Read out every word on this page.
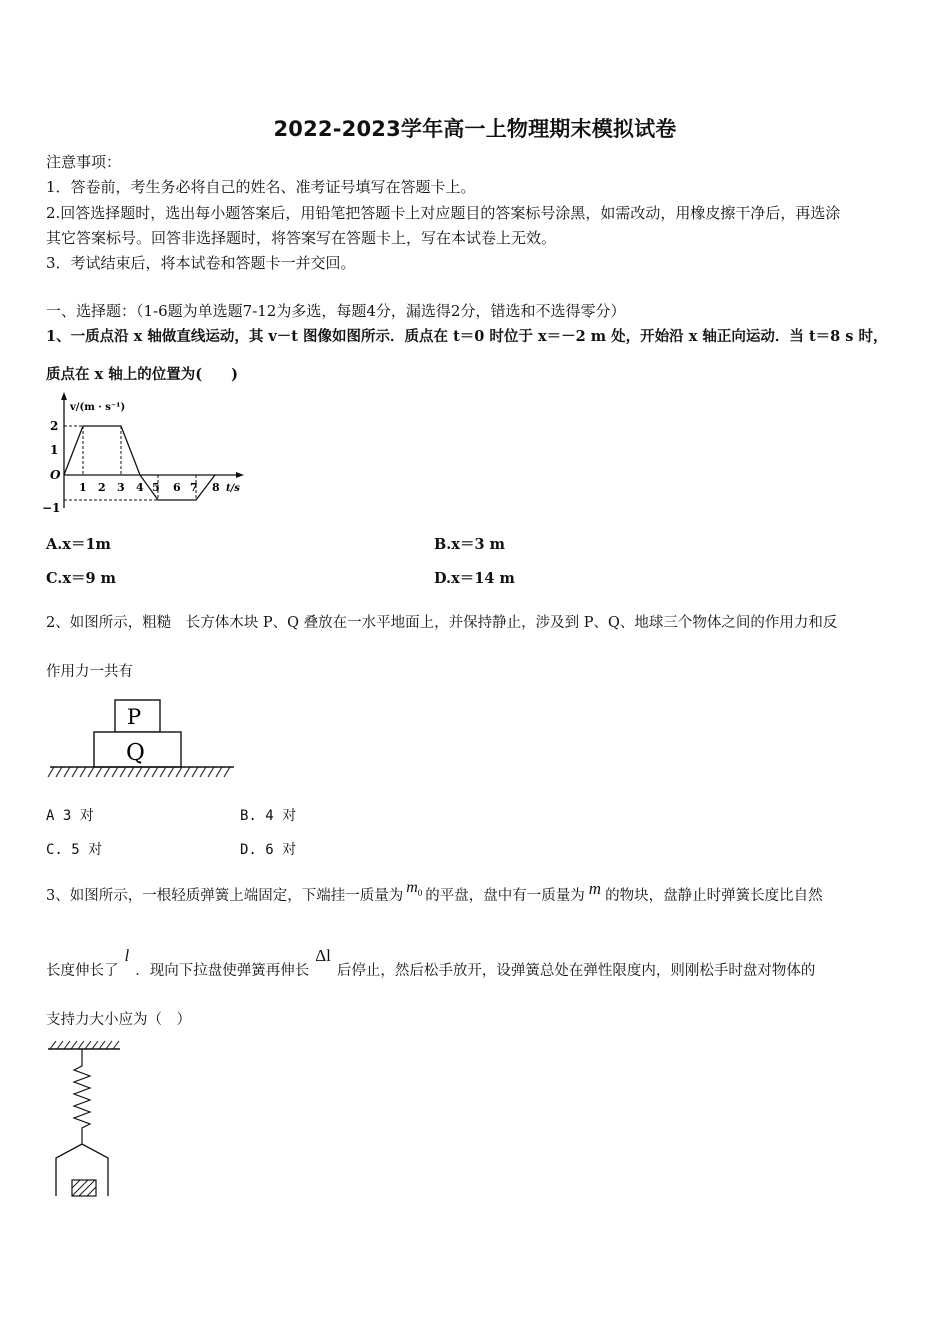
2022-2023学年高一上物理期末模拟试卷
注意事项：
1．答卷前，考生务必将自己的姓名、准考证号填写在答题卡上。
2.回答选择题时，选出每小题答案后，用铅笔把答题卡上对应题目的答案标号涂黑，如需改动，用橡皮擦干净后，再选涂
其它答案标号。回答非选择题时，将答案写在答题卡上，写在本试卷上无效。
3．考试结束后，将本试卷和答题卡一并交回。
一、选择题：（1-6题为单选题7-12为多选，每题4分，漏选得2分，错选和不选得零分）
1、一质点沿 x 轴做直线运动，其 v－t 图像如图所示．质点在 t＝0 时位于 x＝－2 m 处，开始沿 x 轴正向运动．当 t＝8 s 时，
质点在 x 轴上的位置为(　　)
2
1
O
−1
1 2 3 4 5 6 7 8 t/s
v/(m · s⁻¹)
A.x＝1m	B.x＝3 m
C.x＝9 m	D.x＝14 m
2、如图所示，粗糙　长方体木块 P、Q 叠放在一水平地面上，并保持静止，涉及到 P、Q、地球三个物体之间的作用力和反
作用力一共有
P
Q
A 3 对	B. 4 对
C. 5 对	D. 6 对
3、如图所示，一根轻质弹簧上端固定，下端挂一质量为 $m_0$ 的平盘，盘中有一质量为 m 的物块，盘静止时弹簧长度比自然
长度伸长了l．现向下拉盘使弹簧再伸长Δl后停止，然后松手放开，设弹簧总处在弹性限度内，则刚松手时盘对物体的
支持力大小应为（　）
